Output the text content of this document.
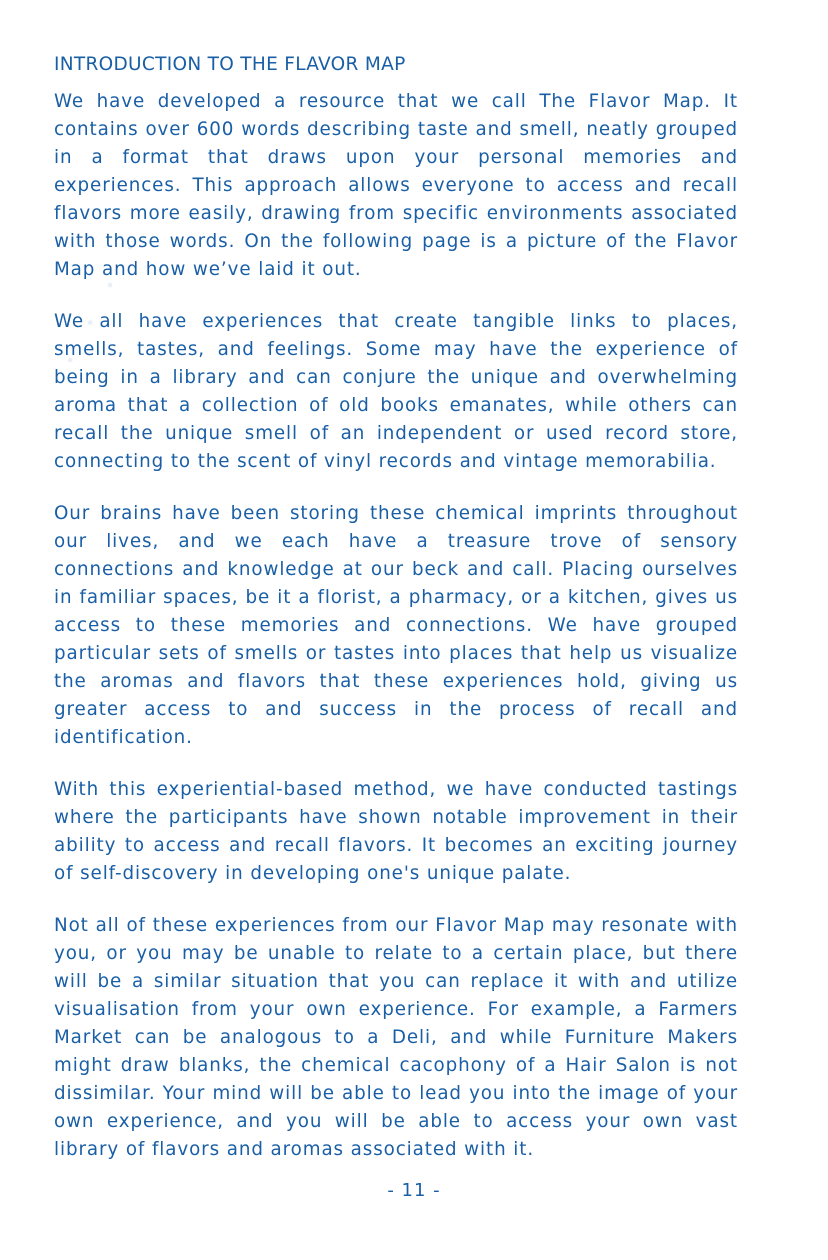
• • • •
INTRODUCTION TO THE FLAVOR MAP

We have developed a resource that we call The Flavor Map. It contains over 600 words describing taste and smell, neatly grouped in a format that draws upon your personal memories and experiences. This approach allows everyone to access and recall flavors more easily, drawing from specific environments associated with those words. On the following page is a picture of the Flavor Map and how we’ve laid it out.

We all have experiences that create tangible links to places, smells, tastes, and feelings. Some may have the experience of being in a library and can conjure the unique and overwhelming aroma that a collection of old books emanates, while others can recall the unique smell of an independent or used record store, connecting to the scent of vinyl records and vintage memorabilia.

Our brains have been storing these chemical imprints throughout our lives, and we each have a treasure trove of sensory connections and knowledge at our beck and call. Placing ourselves in familiar spaces, be it a florist, a pharmacy, or a kitchen, gives us access to these memories and connections. We have grouped particular sets of smells or tastes into places that help us visualize the aromas and flavors that these experiences hold, giving us greater access to and success in the process of recall and identification.

With this experiential-based method, we have conducted tastings where the participants have shown notable improvement in their ability to access and recall flavors. It becomes an exciting journey of self-discovery in developing one's unique palate.

Not all of these experiences from our Flavor Map may resonate with you, or you may be unable to relate to a certain place, but there will be a similar situation that you can replace it with and utilize visualisation from your own experience. For example, a Farmers Market can be analogous to a Deli, and while Furniture Makers might draw blanks, the chemical cacophony of a Hair Salon is not dissimilar. Your mind will be able to lead you into the image of your own experience, and you will be able to access your own vast library of flavors and aromas associated with it.

- 11 -
